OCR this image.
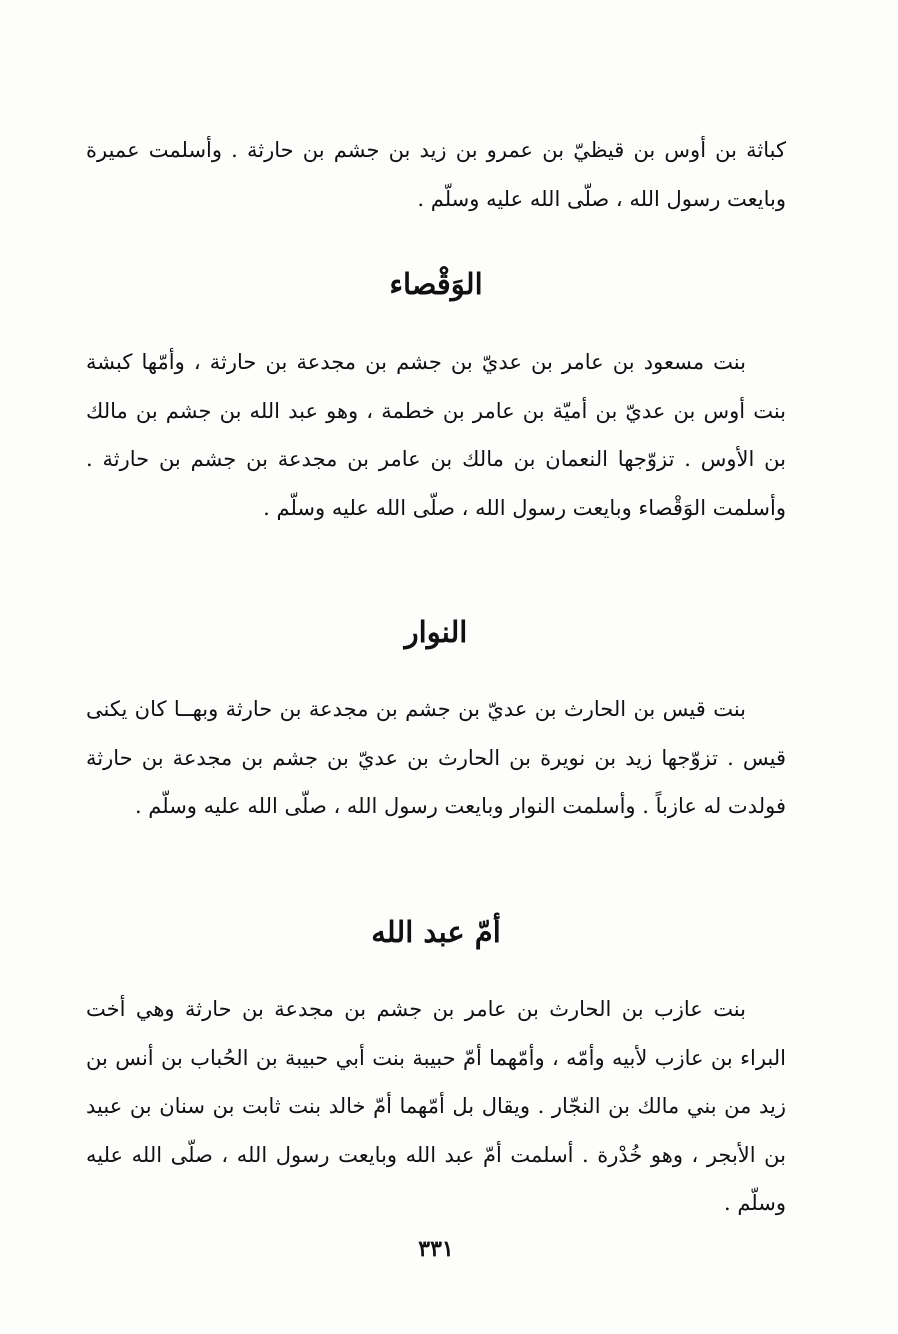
كباثة بن أوس بن قيظيّ بن عمرو بن زيد بن جشم بن حارثة . وأسلمت عميرة وبايعت رسول الله ، صلّى الله عليه وسلّم .

الوَقْصاء

بنت مسعود بن عامر بن عديّ بن جشم بن مجدعة بن حارثة ، وأمّها كبشة بنت أوس بن عديّ بن أميّة بن عامر بن خطمة ، وهو عبد الله بن جشم بن مالك بن الأوس . تزوّجها النعمان بن مالك بن عامر بن مجدعة بن جشم بن حارثة . وأسلمت الوَقْصاء وبايعت رسول الله ، صلّى الله عليه وسلّم .

النوار

بنت قيس بن الحارث بن عديّ بن جشم بن مجدعة بن حارثة وبهــا كان يكنى قيس . تزوّجها زيد بن نويرة بن الحارث بن عديّ بن جشم بن مجدعة بن حارثة فولدت له عازباً . وأسلمت النوار وبايعت رسول الله ، صلّى الله عليه وسلّم .

أمّ عبد الله

بنت عازب بن الحارث بن عامر بن جشم بن مجدعة بن حارثة وهي أخت البراء بن عازب لأبيه وأمّه ، وأمّهما أمّ حبيبة بنت أبي حبيبة بن الحُباب بن أنس بن زيد من بني مالك بن النجّار . ويقال بل أمّهما أمّ خالد بنت ثابت بن سنان بن عبيد بن الأبجر ، وهو خُدْرة . أسلمت أمّ عبد الله وبايعت رسول الله ، صلّى الله عليه وسلّم .

٣٣١
